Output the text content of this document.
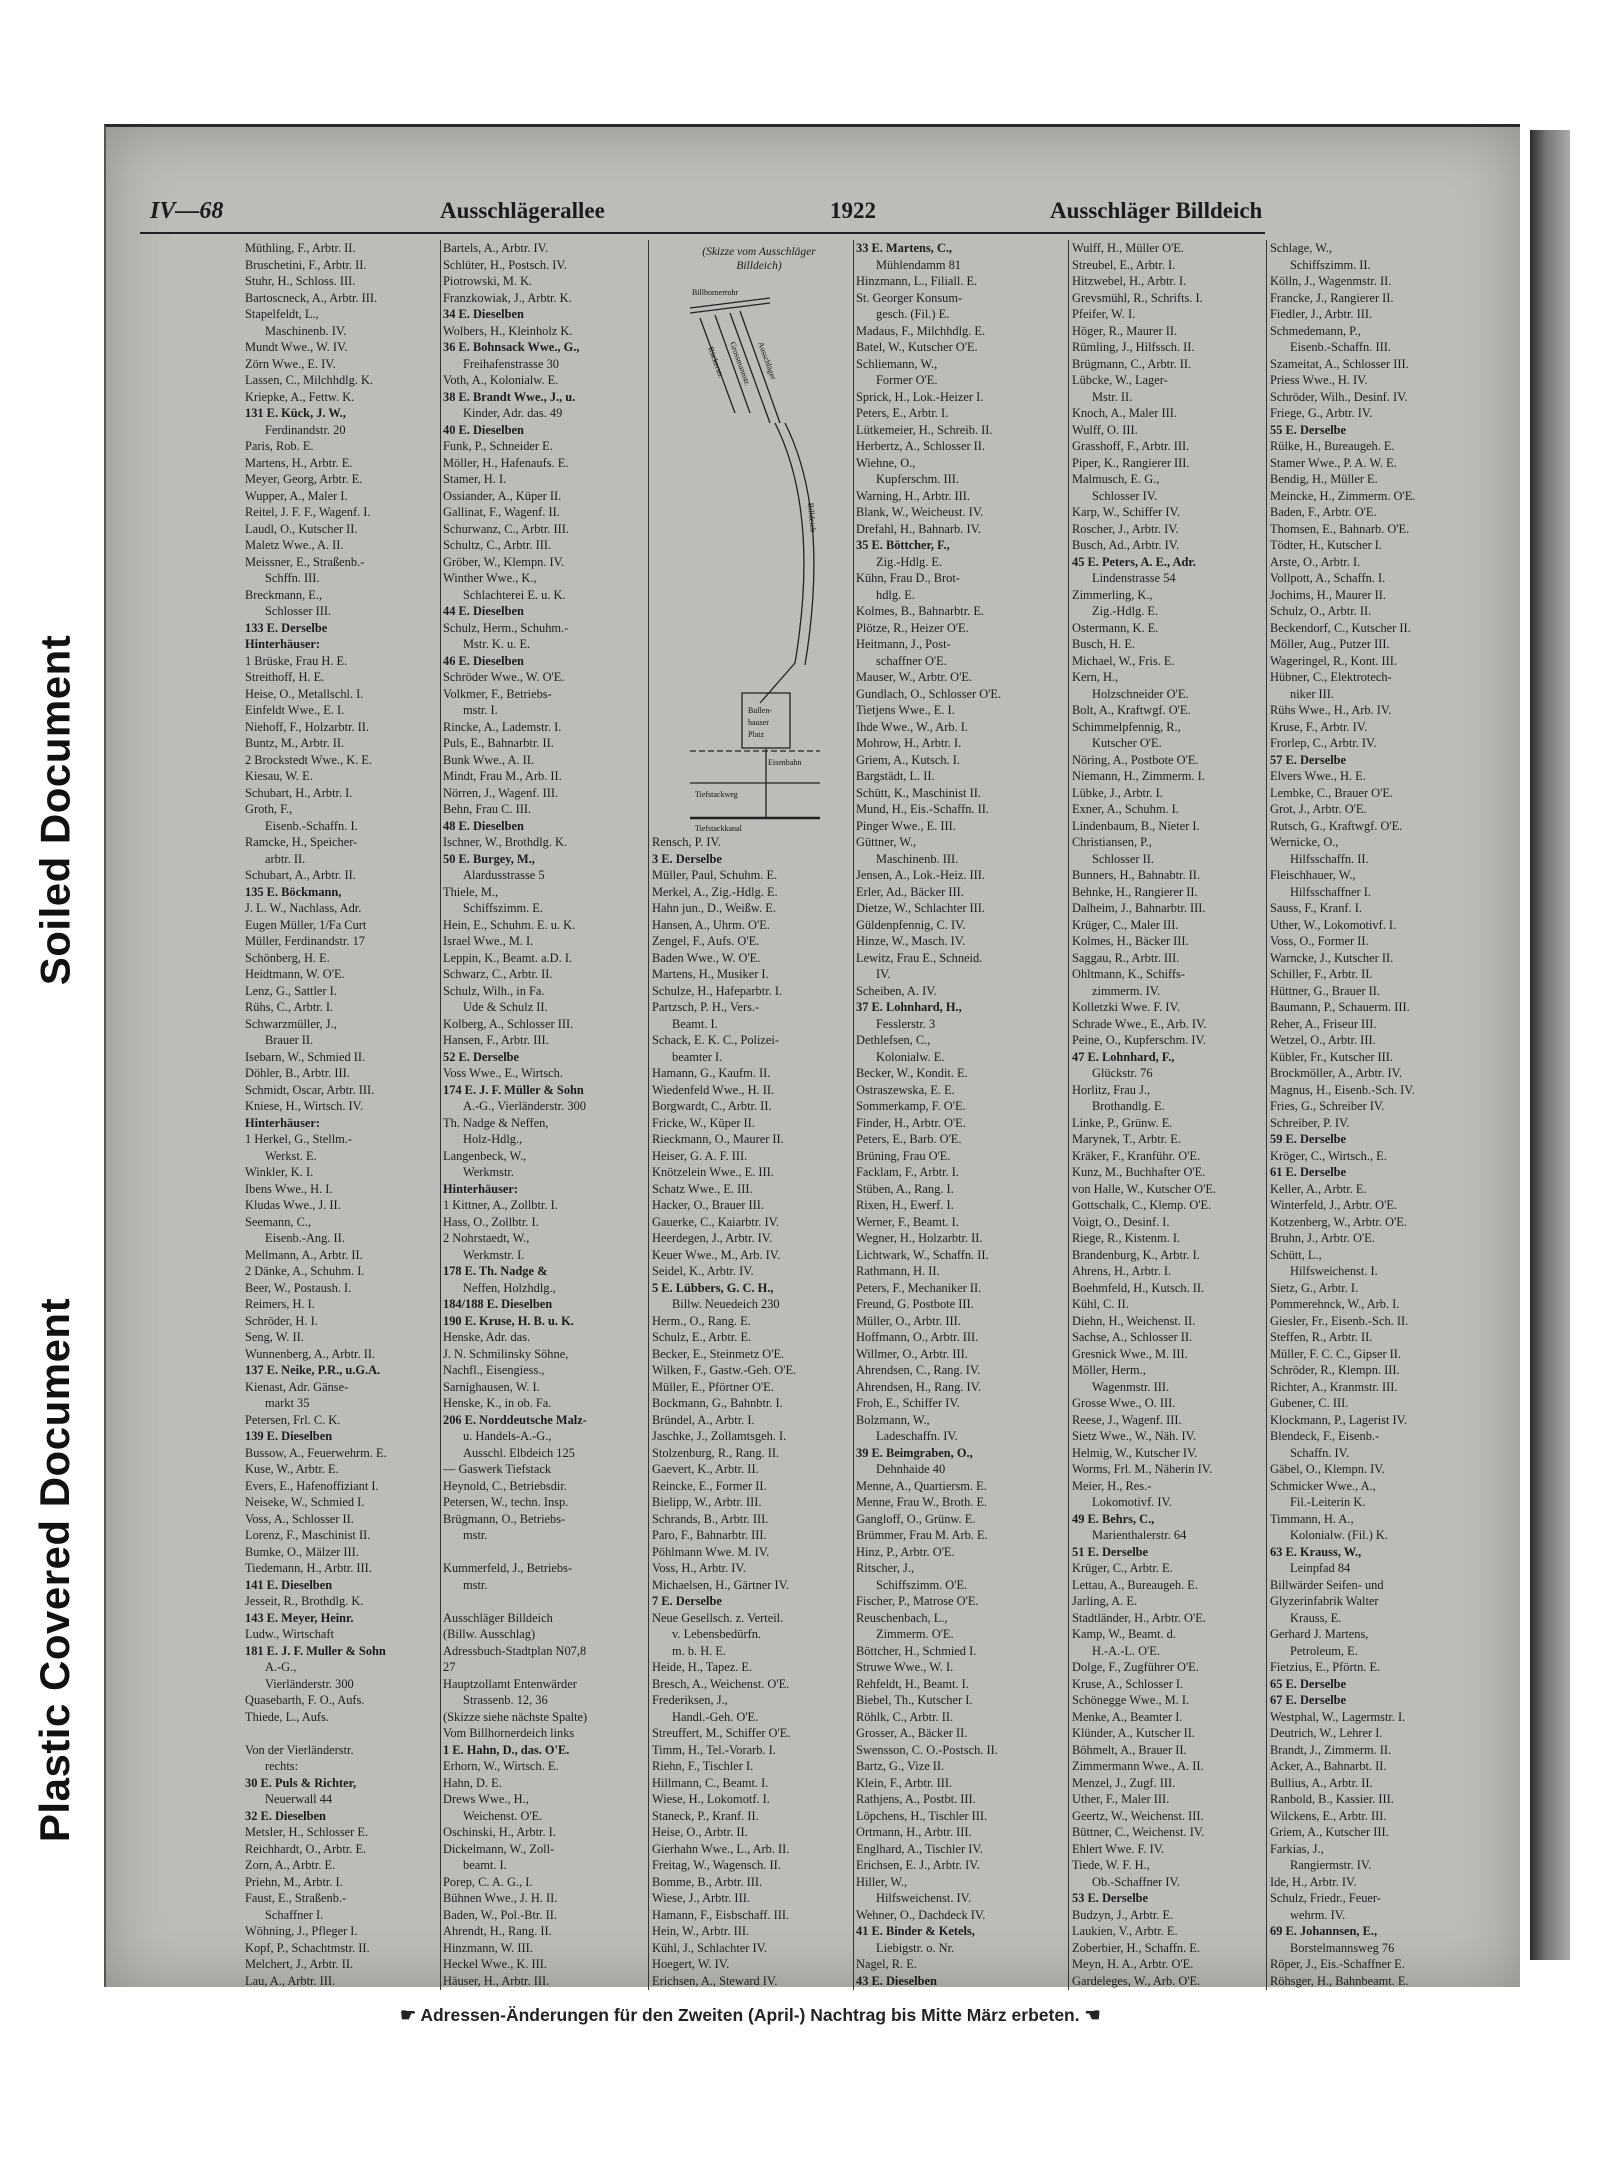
Soiled Document
Plastic Covered Document
IV—68	Ausschlägerallee	1922	Ausschläger Billdeich
Müthling, F., Arbtr. II.
Bruschetini, F., Arbtr. II.
Stuhr, H., Schloss. III.
Bartoscneck, A., Arbtr. III.
Stapelfeldt, L.,
Maschinenb. IV.
Mundt Wwe., W. IV.
Zörn Wwe., E. IV.
Lassen, C., Milchhdlg. K.
Kriepke, A., Fettw. K.
131 E. Kück, J. W.,
Ferdinandstr. 20
Paris, Rob. E.
Martens, H., Arbtr. E.
Meyer, Georg, Arbtr. E.
Wupper, A., Maler I.
Reitel, J. F. F., Wagenf. I.
Laudl, O., Kutscher II.
Maletz Wwe., A. II.
Meissner, E., Straßenb.-
Schffn. III.
Breckmann, E.,
Schlosser III.
133 E. Derselbe
Hinterhäuser:
1 Brüske, Frau H. E.
Streithoff, H. E.
Heise, O., Metallschl. I.
Einfeldt Wwe., E. I.
Niehoff, F., Holzarbtr. II.
Buntz, M., Arbtr. II.
2 Brockstedt Wwe., K. E.
Kiesau, W. E.
Schubart, H., Arbtr. I.
Groth, F.,
Eisenb.-Schaffn. I.
Ramcke, H., Speicher-
arbtr. II.
Schubart, A., Arbtr. II.
135 E. Böckmann,
J. L. W., Nachlass, Adr.
Eugen Müller, 1/Fa Curt
Müller, Ferdinandstr. 17
Schönberg, H. E.
Heidtmann, W. O'E.
Lenz, G., Sattler I.
Rühs, C., Arbtr. I.
Schwarzmüller, J.,
Brauer II.
Isebarn, W., Schmied II.
Döhler, B., Arbtr. III.
Schmidt, Oscar, Arbtr. III.
Kniese, H., Wirtsch. IV.
Hinterhäuser:
1 Herkel, G., Stellm.-
Werkst. E.
Winkler, K. I.
Ibens Wwe., H. I.
Kludas Wwe., J. II.
Seemann, C.,
Eisenb.-Ang. II.
Mellmann, A., Arbtr. II.
2 Dänke, A., Schuhm. I.
Beer, W., Postaush. I.
Reimers, H. I.
Schröder, H. I.
Seng, W. II.
Wunnenberg, A., Arbtr. II.
137 E. Neike, P.R., u.G.A.
Kienast, Adr. Gänse-
markt 35
Petersen, Frl. C. K.
139 E. Dieselben
Bussow, A., Feuerwehrm. E.
Kuse, W., Arbtr. E.
Evers, E., Hafenoffiziant I.
Neiseke, W., Schmied I.
Voss, A., Schlosser II.
Lorenz, F., Maschinist II.
Bumke, O., Mälzer III.
Tiedemann, H., Arbtr. III.
141 E. Dieselben
Jesseit, R., Brothdlg. K.
143 E. Meyer, Heinr.
Ludw., Wirtschaft
181 E. J. F. Muller & Sohn
A.-G.,
Vierländerstr. 300
Quasebarth, F. O., Aufs.
Thiede, L., Aufs.

Von der Vierländerstr.
rechts:
30 E. Puls & Richter,
Neuerwall 44
32 E. Dieselben
Metsler, H., Schlosser E.
Reichhardt, O., Arbtr. E.
Zorn, A., Arbtr. E.
Priehn, M., Arbtr. I.
Faust, E., Straßenb.-
Schaffner I.
Wöhning, J., Pfleger I.
Kopf, P., Schachtmstr. II.
Melchert, J., Arbtr. II.
Lau, A., Arbtr. III.
Bartels, A., Arbtr. IV.
Schlüter, H., Postsch. IV.
Piotrowski, M. K.
Franzkowiak, J., Arbtr. K.
34 E. Dieselben
Wolbers, H., Kleinholz K.
36 E. Bohnsack Wwe., G.,
Freihafenstrasse 30
Voth, A., Kolonialw. E.
38 E. Brandt Wwe., J., u.
Kinder, Adr. das. 49
40 E. Dieselben
Funk, P., Schneider E.
Möller, H., Hafenaufs. E.
Stamer, H. I.
Ossiander, A., Küper II.
Gallinat, F., Wagenf. II.
Schurwanz, C., Arbtr. III.
Schultz, C., Arbtr. III.
Gröber, W., Klempn. IV.
Winther Wwe., K.,
Schlachterei E. u. K.
44 E. Dieselben
Schulz, Herm., Schuhm.-
Mstr. K. u. E.
46 E. Dieselben
Schröder Wwe., W. O'E.
Volkmer, F., Betriebs-
mstr. I.
Rincke, A., Lademstr. I.
Puls, E., Bahnarbtr. II.
Bunk Wwe., A. II.
Mindt, Frau M., Arb. II.
Nörren, J., Wagenf. III.
Behn, Frau C. III.
48 E. Dieselben
Ischner, W., Brothdlg. K.
50 E. Burgey, M.,
Alardusstrasse 5
Thiele, M.,
Schiffszimm. E.
Hein, E., Schuhm. E. u. K.
Israel Wwe., M. I.
Leppin, K., Beamt. a.D. I.
Schwarz, C., Arbtr. II.
Schulz, Wilh., in Fa.
Ude & Schulz II.
Kolberg, A., Schlosser III.
Hansen, F., Arbtr. III.
52 E. Derselbe
Voss Wwe., E., Wirtsch.
174 E. J. F. Müller & Sohn
A.-G., Vierländerstr. 300
Th. Nadge & Neffen,
Holz-Hdlg.,
Langenbeck, W.,
Werkmstr.
Hinterhäuser:
1 Kittner, A., Zollbtr. I.
Hass, O., Zollbtr. I.
2 Nohrstaedt, W.,
Werkmstr. I.
178 E. Th. Nadge &
Neffen, Holzhdlg.,
184/188 E. Dieselben
190 E. Kruse, H. B. u. K.
Henske, Adr. das.
J. N. Schmilinsky Söhne,
Nachfl., Eisengiess.,
Sarnighausen, W. I.
Henske, K., in ob. Fa.
206 E. Norddeutsche Malz-
u. Handels-A.-G.,
Ausschl. Elbdeich 125
— Gaswerk Tiefstack
Heynold, C., Betriebsdir.
Petersen, W., techn. Insp.
Brügmann, O., Betriebs-
mstr.

Kummerfeld, J., Betriebs-
mstr.

Ausschläger Billdeich
(Billw. Ausschlag)
Adressbuch-Stadtplan N07,8
27
Hauptzollamt Entenwärder
Strassenb. 12, 36
(Skizze siehe nächste Spalte)
Vom Billhornerdeich links
1 E. Hahn, D., das. O'E.
Erhorn, W., Wirtsch. E.
Hahn, D. E.
Drews Wwe., H.,
Weichenst. O'E.
Oschinski, H., Arbtr. I.
Dickelmann, W., Zoll-
beamt. I.
Porep, C. A. G., I.
Bühnen Wwe., J. H. II.
Baden, W., Pol.-Btr. II.
Ahrendt, H., Rang. II.
Hinzmann, W. III.
Heckel Wwe., K. III.
Häuser, H., Arbtr. III.

Rensch, P. IV.
3 E. Derselbe
Müller, Paul, Schuhm. E.
Merkel, A., Zig.-Hdlg. E.
Hahn jun., D., Weißw. E.
Hansen, A., Uhrm. O'E.
Zengel, F., Aufs. O'E.
Baden Wwe., W. O'E.
Martens, H., Musiker I.
Schulze, H., Hafeparbtr. I.
Partzsch, P. H., Vers.-
Beamt. I.
Schack, E. K. C., Polizei-
beamter I.
Hamann, G., Kaufm. II.
Wiedenfeld Wwe., H. II.
Borgwardt, C., Arbtr. II.
Fricke, W., Küper II.
Rieckmann, O., Maurer II.
Heiser, G. A. F. III.
Knötzelein Wwe., E. III.
Schatz Wwe., E. III.
Hacker, O., Brauer III.
Gauerke, C., Kaiarbtr. IV.
Heerdegen, J., Arbtr. IV.
Keuer Wwe., M., Arb. IV.
Seidel, K., Arbtr. IV.
5 E. Lübbers, G. C. H.,
Billw. Neuedeich 230
Herm., O., Rang. E.
Schulz, E., Arbtr. E.
Becker, E., Steinmetz O'E.
Wilken, F., Gastw.-Geh. O'E.
Müller, E., Pförtner O'E.
Bockmann, G., Bahnbtr. I.
Bründel, A., Arbtr. I.
Jaschke, J., Zollamtsgeh. I.
Stolzenburg, R., Rang. II.
Gaevert, K., Arbtr. II.
Reincke, E., Former II.
Bielipp, W., Arbtr. III.
Schrands, B., Arbtr. III.
Paro, F., Bahnarbtr. III.
Pöhlmann Wwe. M. IV.
Voss, H., Arbtr. IV.
Michaelsen, H., Gärtner IV.
7 E. Derselbe
Neue Gesellsch. z. Verteil.
v. Lebensbedürfn.
m. b. H. E.
Heide, H., Tapez. E.
Bresch, A., Weichenst. O'E.
Frederiksen, J.,
Handl.-Geh. O'E.
Streuffert, M., Schiffer O'E.
Timm, H., Tel.-Vorarb. I.
Riehn, F., Tischler I.
Hillmann, C., Beamt. I.
Wiese, H., Lokomotf. I.
Staneck, P., Kranf. II.
Heise, O., Arbtr. II.
Gierhahn Wwe., L., Arb. II.
Freitag, W., Wagensch. II.
Bomme, B., Arbtr. III.
Wiese, J., Arbtr. III.
Hamann, F., Eisbschaff. III.
Hein, W., Arbtr. III.
Kühl, J., Schlachter IV.
Hoegert, W. IV.
Erichsen, A., Steward IV.
33 E. Martens, C.,
Mühlendamm 81
Hinzmann, L., Filiall. E.
St. Georger Konsum-
gesch. (Fil.) E.
Madaus, F., Milchhdlg. E.
Batel, W., Kutscher O'E.
Schliemann, W.,
Former O'E.
Sprick, H., Lok.-Heizer I.
Peters, E., Arbtr. I.
Lütkemeier, H., Schreib. II.
Herbertz, A., Schlosser II.
Wiehne, O.,
Kupferschm. III.
Warning, H., Arbtr. III.
Blank, W., Weicheust. IV.
Drefahl, H., Bahnarb. IV.
35 E. Böttcher, F.,
Zig.-Hdlg. E.
Kühn, Frau D., Brot-
hdlg. E.
Kolmes, B., Bahnarbtr. E.
Plötze, R., Heizer O'E.
Heitmann, J., Post-
schaffner O'E.
Mauser, W., Arbtr. O'E.
Gundlach, O., Schlosser O'E.
Tietjens Wwe., E. I.
Ihde Wwe., W., Arb. I.
Mohrow, H., Arbtr. I.
Griem, A., Kutsch. I.
Bargstädt, L. II.
Schütt, K., Maschinist II.
Mund, H., Eis.-Schaffn. II.
Pinger Wwe., E. III.
Güttner, W.,
Maschinenb. III.
Jensen, A., Lok.-Heiz. III.
Erler, Ad., Bäcker III.
Dietze, W., Schlachter III.
Güldenpfennig, C. IV.
Hinze, W., Masch. IV.
Lewitz, Frau E., Schneid.
IV.
Scheiben, A. IV.
37 E. Lohnhard, H.,
Fesslerstr. 3
Dethlefsen, C.,
Kolonialw. E.
Becker, W., Kondit. E.
Ostraszewska, E. E.
Sommerkamp, F. O'E.
Finder, H., Arbtr. O'E.
Peters, E., Barb. O'E.
Brüning, Frau O'E.
Facklam, F., Arbtr. I.
Stüben, A., Rang. I.
Rixen, H., Ewerf. I.
Werner, F., Beamt. I.
Wegner, H., Holzarbtr. II.
Lichtwark, W., Schaffn. II.
Rathmann, H. II.
Peters, F., Mechaniker II.
Freund, G. Postbote III.
Müller, O., Arbtr. III.
Hoffmann, O., Arbtr. III.
Willmer, O., Arbtr. III.
Ahrendsen, C., Rang. IV.
Ahrendsen, H., Rang. IV.
Froh, E., Schiffer IV.
Bolzmann, W.,
Ladeschaffn. IV.
39 E. Beimgraben, O.,
Dehnhaide 40
Menne, A., Quartiersm. E.
Menne, Frau W., Broth. E.
Gangloff, O., Grünw. E.
Brümmer, Frau M. Arb. E.
Hinz, P., Arbtr. O'E.
Ritscher, J.,
Schiffszimm. O'E.
Fischer, P., Matrose O'E.
Reuschenbach, L.,
Zimmerm. O'E.
Böttcher, H., Schmied I.
Struwe Wwe., W. I.
Rehfeldt, H., Beamt. I.
Biebel, Th., Kutscher I.
Röhlk, C., Arbtr. II.
Grosser, A., Bäcker II.
Swensson, C. O.-Postsch. II.
Bartz, G., Vize II.
Klein, F., Arbtr. III.
Rathjens, A., Postbt. III.
Löpchens, H., Tischler III.
Ortmann, H., Arbtr. III.
Englhard, A., Tischler IV.
Erichsen, E. J., Arbtr. IV.
Hiller, W.,
Hilfsweichenst. IV.
Wehner, O., Dachdeck IV.
41 E. Binder & Ketels,
Liebigstr. o. Nr.
Nagel, R. E.
43 E. Dieselben
Wulff, H., Müller O'E.
Streubel, E., Arbtr. I.
Hitzwebel, H., Arbtr. I.
Grevsmühl, R., Schrifts. I.
Pfeifer, W. I.
Höger, R., Maurer II.
Rümling, J., Hilfssch. II.
Brügmann, C., Arbtr. II.
Lübcke, W., Lager-
Mstr. II.
Knoch, A., Maler III.
Wulff, O. III.
Grasshoff, F., Arbtr. III.
Piper, K., Rangierer III.
Malmusch, E. G.,
Schlosser IV.
Karp, W., Schiffer IV.
Roscher, J., Arbtr. IV.
Busch, Ad., Arbtr. IV.
45 E. Peters, A. E., Adr.
Lindenstrasse 54
Zimmerling, K.,
Zig.-Hdlg. E.
Ostermann, K. E.
Busch, H. E.
Michael, W., Fris. E.
Kern, H.,
Holzschneider O'E.
Bolt, A., Kraftwgf. O'E.
Schimmelpfennig, R.,
Kutscher O'E.
Nöring, A., Postbote O'E.
Niemann, H., Zimmerm. I.
Lübke, J., Arbtr. I.
Exner, A., Schuhm. I.
Lindenbaum, B., Nieter I.
Christiansen, P.,
Schlosser II.
Bunners, H., Bahnabtr. II.
Behnke, H., Rangierer II.
Dalheim, J., Bahnarbtr. III.
Krüger, C., Maler III.
Kolmes, H., Bäcker III.
Saggau, R., Arbtr. III.
Ohltmann, K., Schiffs-
zimmerm. IV.
Kolletzki Wwe. F. IV.
Schrade Wwe., E., Arb. IV.
Peine, O., Kupferschm. IV.
47 E. Lohnhard, F.,
Glückstr. 76
Horlitz, Frau J.,
Brothandlg. E.
Linke, P., Grünw. E.
Marynek, T., Arbtr. E.
Kräker, F., Kranführ. O'E.
Kunz, M., Buchhafter O'E.
von Halle, W., Kutscher O'E.
Gottschalk, C., Klemp. O'E.
Voigt, O., Desinf. I.
Riege, R., Kistenm. I.
Brandenburg, K., Arbtr. I.
Ahrens, H., Arbtr. I.
Boehmfeld, H., Kutsch. II.
Kühl, C. II.
Diehn, H., Weichenst. II.
Sachse, A., Schlosser II.
Gresnick Wwe., M. III.
Möller, Herm.,
Wagenmstr. III.
Grosse Wwe., O. III.
Reese, J., Wagenf. III.
Sietz Wwe., W., Näh. IV.
Helmig, W., Kutscher IV.
Worms, Frl. M., Näherin IV.
Meier, H., Res.-
Lokomotivf. IV.
49 E. Behrs, C.,
Marienthalerstr. 64
51 E. Derselbe
Krüger, C., Arbtr. E.
Lettau, A., Bureaugeh. E.
Jarling, A. E.
Stadtländer, H., Arbtr. O'E.
Kamp, W., Beamt. d.
H.-A.-L. O'E.
Dolge, F., Zugführer O'E.
Kruse, A., Schlosser I.
Schönegge Wwe., M. I.
Menke, A., Beamter I.
Klünder, A., Kutscher II.
Böhmelt, A., Brauer II.
Zimmermann Wwe., A. II.
Menzel, J., Zugf. III.
Uther, F., Maler III.
Geertz, W., Weichenst. III.
Büttner, C., Weichenst. IV.
Ehlert Wwe. F. IV.
Tiede, W. F. H.,
Ob.-Schaffner IV.
53 E. Derselbe
Budzyn, J., Arbtr. E.
Laukien, V., Arbtr. E.
Zoberbier, H., Schaffn. E.
Meyn, H. A., Arbtr. O'E.
Gardeleges, W., Arb. O'E.
Schlage, W.,
Schiffszimm. II.
Kölln, J., Wagenmstr. II.
Francke, J., Rangierer II.
Fiedler, J., Arbtr. III.
Schmedemann, P.,
Eisenb.-Schaffn. III.
Szameitat, A., Schlosser III.
Priess Wwe., H. IV.
Schröder, Wilh., Desinf. IV.
Friege, G., Arbtr. IV.
55 E. Derselbe
Rülke, H., Bureaugeh. E.
Stamer Wwe., P. A. W. E.
Bendig, H., Müller E.
Meincke, H., Zimmerm. O'E.
Baden, F., Arbtr. O'E.
Thomsen, E., Bahnarb. O'E.
Tödter, H., Kutscher I.
Arste, O., Arbtr. I.
Vollpott, A., Schaffn. I.
Jochims, H., Maurer II.
Schulz, O., Arbtr. II.
Beckendorf, C., Kutscher II.
Möller, Aug., Putzer III.
Wageringel, R., Kont. III.
Hübner, C., Elektrotech-
niker III.
Rühs Wwe., H., Arb. IV.
Kruse, F., Arbtr. IV.
Frorlep, C., Arbtr. IV.
57 E. Derselbe
Elvers Wwe., H. E.
Lembke, C., Brauer O'E.
Grot, J., Arbtr. O'E.
Rutsch, G., Kraftwgf. O'E.
Wernicke, O.,
Hilfsschaffn. II.
Fleischhauer, W.,
Hilfsschaffner I.
Sauss, F., Kranf. I.
Uther, W., Lokomotivf. I.
Voss, O., Former II.
Warncke, J., Kutscher II.
Schiller, F., Arbtr. II.
Hüttner, G., Brauer II.
Baumann, P., Schauerm. III.
Reher, A., Friseur III.
Wetzel, O., Arbtr. III.
Kübler, Fr., Kutscher III.
Brockmöller, A., Arbtr. IV.
Magnus, H., Eisenb.-Sch. IV.
Fries, G., Schreiber IV.
Schreiber, P. IV.
59 E. Derselbe
Kröger, C., Wirtsch., E.
61 E. Derselbe
Keller, A., Arbtr. E.
Winterfeld, J., Arbtr. O'E.
Kotzenberg, W., Arbtr. O'E.
Bruhn, J., Arbtr. O'E.
Schütt, L.,
Hilfsweichenst. I.
Sietz, G., Arbtr. I.
Pommerehnck, W., Arb. I.
Giesler, Fr., Eisenb.-Sch. II.
Steffen, R., Arbtr. II.
Müller, F. C. C., Gipser II.
Schröder, R., Klempn. III.
Richter, A., Kranmstr. III.
Gubener, C. III.
Klockmann, P., Lagerist IV.
Blendeck, F., Eisenb.-
Schaffn. IV.
Gäbel, O., Klempn. IV.
Schmicker Wwe., A.,
Fil.-Leiterin K.
Timmann, H. A.,
Kolonialw. (Fil.) K.
63 E. Krauss, W.,
Leinpfad 84
Billwärder Seifen- und
Glyzerinfabrik Walter
Krauss, E.
Gerhard J. Martens,
Petroleum, E.
Fietzius, E., Pförtn. E.
65 E. Derselbe
67 E. Derselbe
Westphal, W., Lagermstr. I.
Deutrich, W., Lehrer I.
Brandt, J., Zimmerm. II.
Acker, A., Bahnarbt. II.
Bullius, A., Arbtr. II.
Ranbold, B., Kassier. III.
Wilckens, E., Arbtr. III.
Griem, A., Kutscher III.
Farkias, J.,
Rangiermstr. IV.
Ide, H., Arbtr. IV.
Schulz, Friedr., Feuer-
wehrm. IV.
69 E. Johannsen, E.,
Borstelmannsweg 76
Röper, J., Eis.-Schaffner E.
Röhsger, H., Bahnbeamt. E.
(Skizze vom Ausschläger Billdeich)
Billhornerrohr
Rückerstr. Grossmannstr. Ausschläger
Billdeich
Bullen-
hauser
Platz
Eisenbahn
Tiefstackweg
Tiefstackkanal
☛ Adressen-Änderungen für den Zweiten (April-) Nachtrag bis Mitte März erbeten. ☚
